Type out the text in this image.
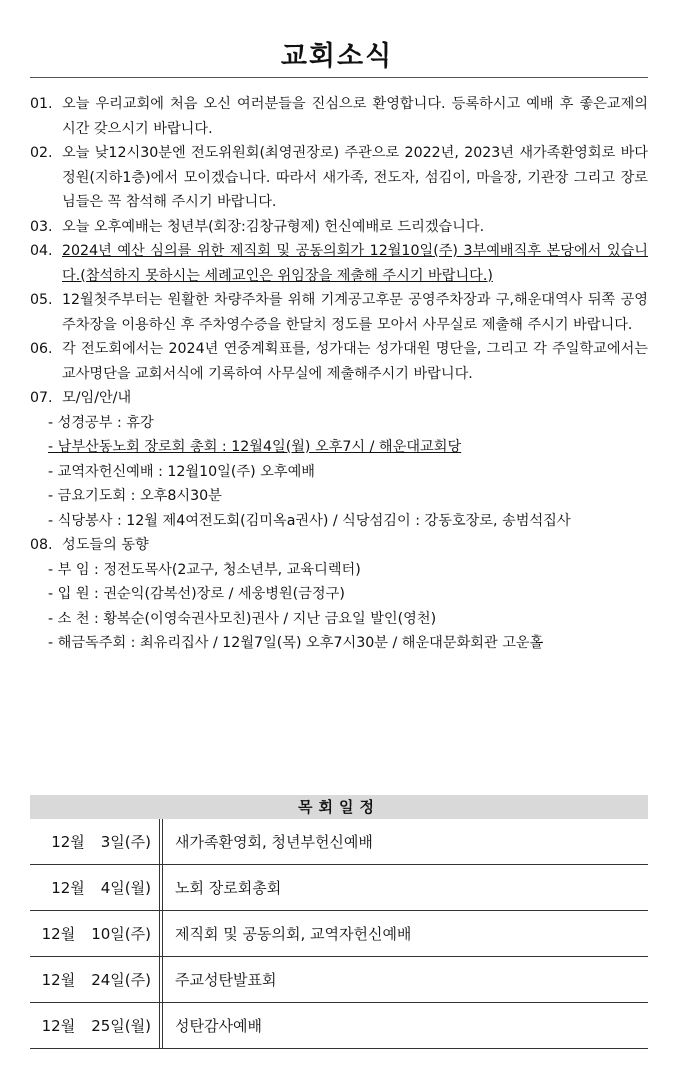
교회소식
01. 오늘 우리교회에 처음 오신 여러분들을 진심으로 환영합니다. 등록하시고 예배 후 좋은교제의 시간 갖으시기 바랍니다.
02. 오늘 낮12시30분엔 전도위원회(최영권장로) 주관으로 2022년, 2023년 새가족환영회로 바다정원(지하1층)에서 모이겠습니다. 따라서 새가족, 전도자, 섬김이, 마을장, 기관장 그리고 장로님들은 꼭 참석해 주시기 바랍니다.
03. 오늘 오후예배는 청년부(회장:김창규형제) 헌신예배로 드리겠습니다.
04. 2024년 예산 심의를 위한 제직회 및 공동의회가 12월10일(주) 3부예배직후 본당에서 있습니다.(참석하지 못하시는 세례교인은 위임장을 제출해 주시기 바랍니다.)
05. 12월첫주부터는 원활한 차량주차를 위해 기계공고후문 공영주차장과 구,해운대역사 뒤쪽 공영주차장을 이용하신 후 주차영수증을 한달치 정도를 모아서 사무실로 제출해 주시기 바랍니다.
06. 각 전도회에서는 2024년 연중계획표를, 성가대는 성가대원 명단을, 그리고 각 주일학교에서는 교사명단을 교회서식에 기록하여 사무실에 제출해주시기 바랍니다.
07. 모/임/안/내
- 성경공부 : 휴강
- 남부산동노회 장로회 총회 : 12월4일(월) 오후7시 / 해운대교회당
- 교역자헌신예배 : 12월10일(주) 오후예배
- 금요기도회 : 오후8시30분
- 식당봉사 : 12월 제4여전도회(김미옥a권사) / 식당섬김이 : 강동호장로, 송범석집사
08. 성도들의 동향
- 부 임 : 정전도목사(2교구, 청소년부, 교육디렉터)
- 입 원 : 권순익(감복선)장로 / 세웅병원(금정구)
- 소 천 : 황복순(이영숙권사모친)권사 / 지난 금요일 발인(영천)
- 해금독주회 : 최유리집사 / 12월7일(목) 오후7시30분 / 해운대문화회관 고운홀
목회일정
12월 3일(주)	새가족환영회, 청년부헌신예배
12월 4일(월)	노회 장로회총회
12월 10일(주)	제직회 및 공동의회, 교역자헌신예배
12월 24일(주)	주교성탄발표회
12월 25일(월)	성탄감사예배
